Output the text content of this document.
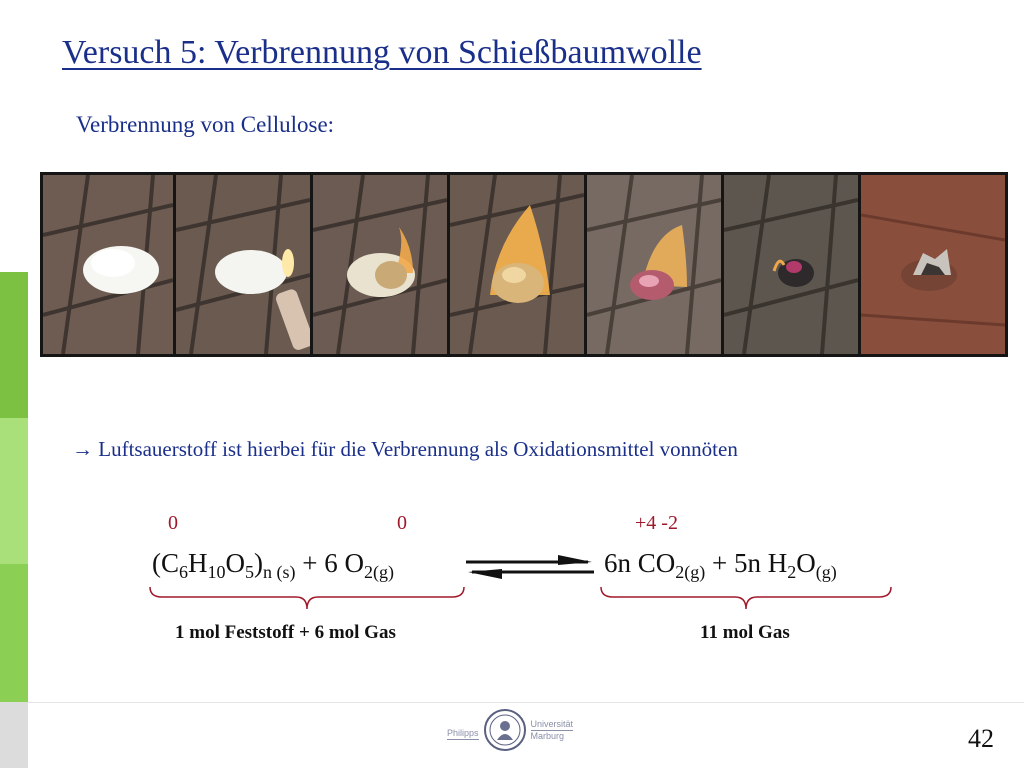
Versuch 5: Verbrennung von Schießbaumwolle
Verbrennung von Cellulose:
→ Luftsauerstoff ist hierbei für die Verbrennung als Oxidationsmittel vonnöten
0	0	+4 -2
$(C_6H_{10}O_5)_{n (s)} + 6$ $O_{2(g)}$	6n $CO_{2(g)} + 5n$ $H_2O_{(g)}$
1 mol Feststoff + 6 mol Gas	11 mol Gas
Philipps
Universität
Marburg	42
